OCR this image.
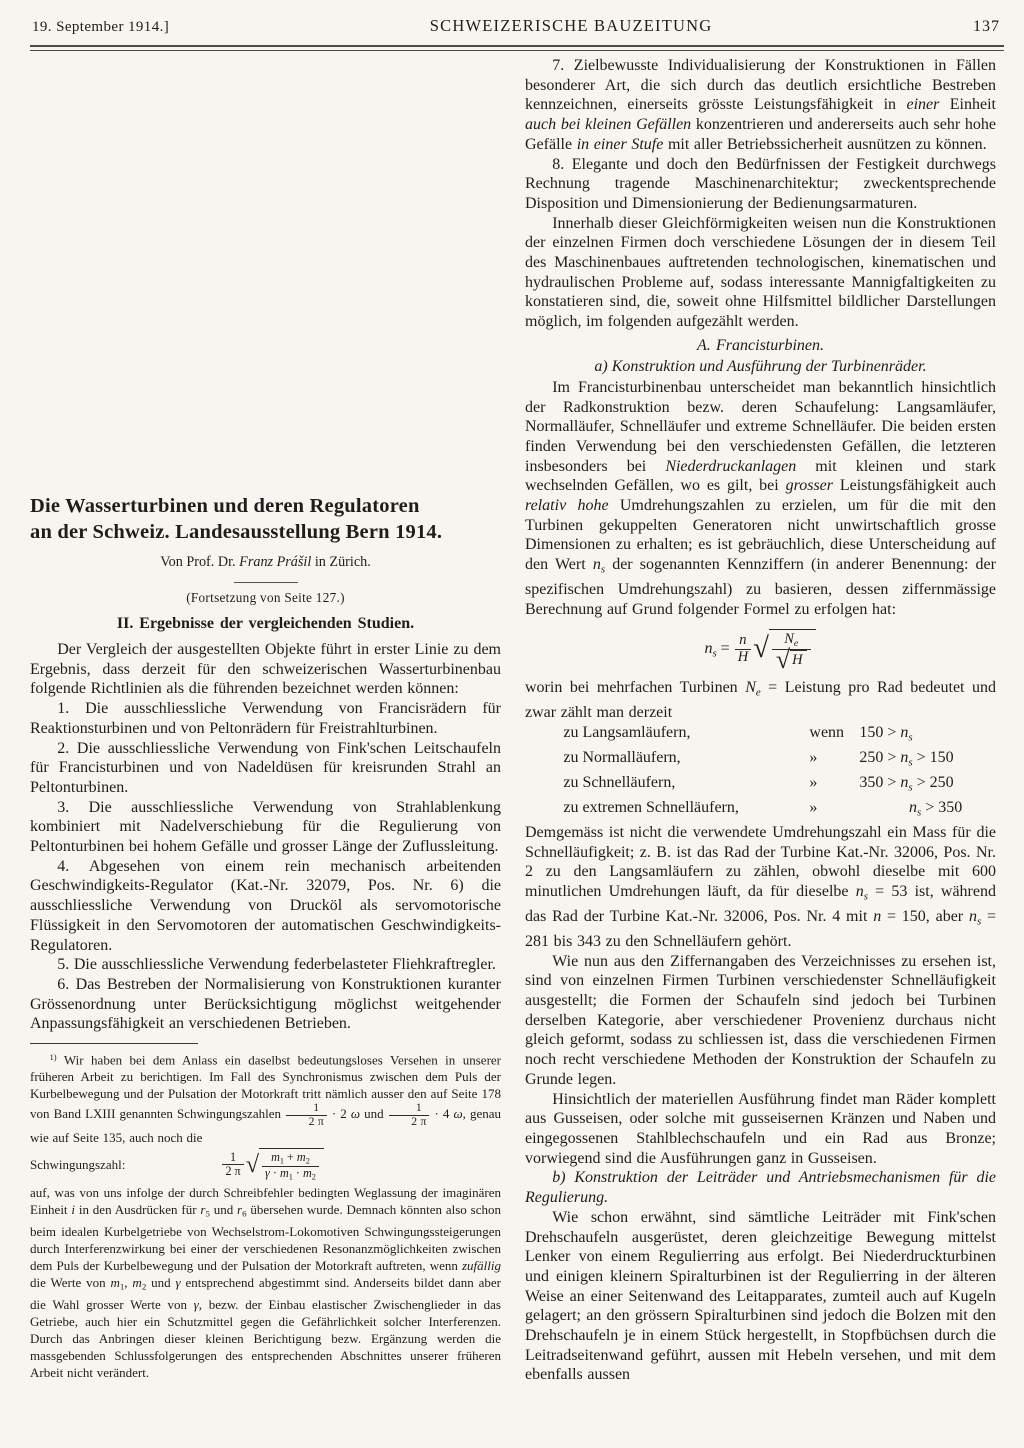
19. September 1914.]	SCHWEIZERISCHE BAUZEITUNG	137
Die Wasserturbinen und deren Regulatoren
an der Schweiz. Landesausstellung Bern 1914.
Von Prof. Dr. Franz Prášil in Zürich.
(Fortsetzung von Seite 127.)
II. Ergebnisse der vergleichenden Studien.

Der Vergleich der ausgestellten Objekte führt in erster Linie zu dem Ergebnis, dass derzeit für den schweizerischen Wasserturbinenbau folgende Richtlinien als die führenden bezeichnet werden können:

1. Die ausschliessliche Verwendung von Francisrädern für Reaktionsturbinen und von Peltonrädern für Freistrahlturbinen.

2. Die ausschliessliche Verwendung von Fink'schen Leitschaufeln für Francisturbinen und von Nadeldüsen für kreisrunden Strahl an Peltonturbinen.

3. Die ausschliessliche Verwendung von Strahlablenkung kombiniert mit Nadelverschiebung für die Regulierung von Peltonturbinen bei hohem Gefälle und grosser Länge der Zuflussleitung.

4. Abgesehen von einem rein mechanisch arbeitenden Geschwindigkeits-Regulator (Kat.-Nr. 32079, Pos. Nr. 6) die ausschliessliche Verwendung von Drucköl als servomotorische Flüssigkeit in den Servomotoren der automatischen Geschwindigkeits-Regulatoren.

5. Die ausschliessliche Verwendung federbelasteter Fliehkraftregler.

6. Das Bestreben der Normalisierung von Konstruktionen kuranter Grössenordnung unter Berücksichtigung möglichst weitgehender Anpassungsfähigkeit an verschiedenen Betrieben.

$^{1)}$ Wir haben bei dem Anlass ein daselbst bedeutungsloses Versehen in unserer früheren Arbeit zu berichtigen. Im Fall des Synchronismus zwischen dem Puls der Kurbelbewegung und der Pulsation der Motorkraft tritt nämlich ausser den auf Seite 178 von Band LXIII genannten Schwingungszahlen $\frac{1}{2 \pi} \cdot 2$ ω und $\frac{1}{2 \pi} \cdot 4$ ω, genau wie auf Seite 135, auch noch die

Schwingungszahl:	$\frac{1}{2 \pi}$ √ $\frac{m_1 + m_2}{\gamma \cdot m_1 \cdot m_2}$

auf, was von uns infolge der durch Schreibfehler bedingten Weglassung der imaginären Einheit i in den Ausdrücken für $r_5$ und $r_6$ übersehen wurde. Demnach könnten also schon beim idealen Kurbelgetriebe von Wechselstrom-Lokomotiven Schwingungssteigerungen durch Interferenzwirkung bei einer der verschiedenen Resonanzmöglichkeiten zwischen dem Puls der Kurbelbewegung und der Pulsation der Motorkraft auftreten, wenn zufällig die Werte von $m_1$, $m_2$ und γ entsprechend abgestimmt sind. Anderseits bildet dann aber die Wahl grosser Werte von γ, bezw. der Einbau elastischer Zwischenglieder in das Getriebe, auch hier ein Schutzmittel gegen die Gefährlichkeit solcher Interferenzen. Durch das Anbringen dieser kleinen Berichtigung bezw. Ergänzung werden die massgebenden Schlussfolgerungen des entsprechenden Abschnittes unserer früheren Arbeit nicht verändert.

7. Zielbewusste Individualisierung der Konstruktionen in Fällen besonderer Art, die sich durch das deutlich ersichtliche Bestreben kennzeichnen, einerseits grösste Leistungsfähigkeit in einer Einheit auch bei kleinen Gefällen konzentrieren und andererseits auch sehr hohe Gefälle in einer Stufe mit aller Betriebssicherheit ausnützen zu können.

8. Elegante und doch den Bedürfnissen der Festigkeit durchwegs Rechnung tragende Maschinenarchitektur; zweckentsprechende Disposition und Dimensionierung der Bedienungsarmaturen.

Innerhalb dieser Gleichförmigkeiten weisen nun die Konstruktionen der einzelnen Firmen doch verschiedene Lösungen der in diesem Teil des Maschinenbaues auftretenden technologischen, kinematischen und hydraulischen Probleme auf, sodass interessante Mannigfaltigkeiten zu konstatieren sind, die, soweit ohne Hilfsmittel bildlicher Darstellungen möglich, im folgenden aufgezählt werden.

A. Francisturbinen.
a) Konstruktion und Ausführung der Turbinenräder.

Im Francisturbinenbau unterscheidet man bekanntlich hinsichtlich der Radkonstruktion bezw. deren Schaufelung: Langsamläufer, Normalläufer, Schnelläufer und extreme Schnelläufer. Die beiden ersten finden Verwendung bei den verschiedensten Gefällen, die letzteren insbesonders bei Niederdruckanlagen mit kleinen und stark wechselnden Gefällen, wo es gilt, bei grosser Leistungsfähigkeit auch relativ hohe Umdrehungszahlen zu erzielen, um für die mit den Turbinen gekuppelten Generatoren nicht unwirtschaftlich grosse Dimensionen zu erhalten; es ist gebräuchlich, diese Unterscheidung auf den Wert $n_s$ der sogenannten Kennziffern (in anderer Benennung: der spezifischen Umdrehungszahl) zu basieren, dessen ziffernmässige Berechnung auf Grund folgender Formel zu erfolgen hat:

$n_s = \frac{n}{H}$ √ $\frac{N_e}{√ H}$

worin bei mehrfachen Turbinen $N_e$ = Leistung pro Rad bedeutet und zwar zählt man derzeit

zu Langsamläufern,	wenn $150 > n_s$
zu Normalläufern,	»	$250 > n_s > 150$
zu Schnelläufern,	»	$350 > n_s > 250$
zu extremen Schnelläufern,	»	$n_s > 350$

Demgemäss ist nicht die verwendete Umdrehungszahl ein Mass für die Schnelläufigkeit; z. B. ist das Rad der Turbine Kat.-Nr. 32006, Pos. Nr. 2 zu den Langsamläufern zu zählen, obwohl dieselbe mit 600 minutlichen Umdrehungen läuft, da für dieselbe $n_s = 53$ ist, während das Rad der Turbine Kat.-Nr. 32006, Pos. Nr. 4 mit n = 150, aber $n_s = 281$ bis 343 zu den Schnelläufern gehört.

Wie nun aus den Ziffernangaben des Verzeichnisses zu ersehen ist, sind von einzelnen Firmen Turbinen verschiedenster Schnelläufigkeit ausgestellt; die Formen der Schaufeln sind jedoch bei Turbinen derselben Kategorie, aber verschiedener Provenienz durchaus nicht gleich geformt, sodass zu schliessen ist, dass die verschiedenen Firmen noch recht verschiedene Methoden der Konstruktion der Schaufeln zu Grunde legen.

Hinsichtlich der materiellen Ausführung findet man Räder komplett aus Gusseisen, oder solche mit gusseisernen Kränzen und Naben und eingegossenen Stahlblechschaufeln und ein Rad aus Bronze; vorwiegend sind die Ausführungen ganz in Gusseisen.

b) Konstruktion der Leiträder und Antriebsmechanismen für die Regulierung.

Wie schon erwähnt, sind sämtliche Leiträder mit Fink'schen Drehschaufeln ausgerüstet, deren gleichzeitige Bewegung mittelst Lenker von einem Regulierring aus erfolgt. Bei Niederdruckturbinen und einigen kleinern Spiralturbinen ist der Regulierring in der älteren Weise an einer Seitenwand des Leitapparates, zumteil auch auf Kugeln gelagert; an den grössern Spiralturbinen sind jedoch die Bolzen mit den Drehschaufeln je in einem Stück hergestellt, in Stopfbüchsen durch die Leitradseitenwand geführt, aussen mit Hebeln versehen, und mit dem ebenfalls aussen
